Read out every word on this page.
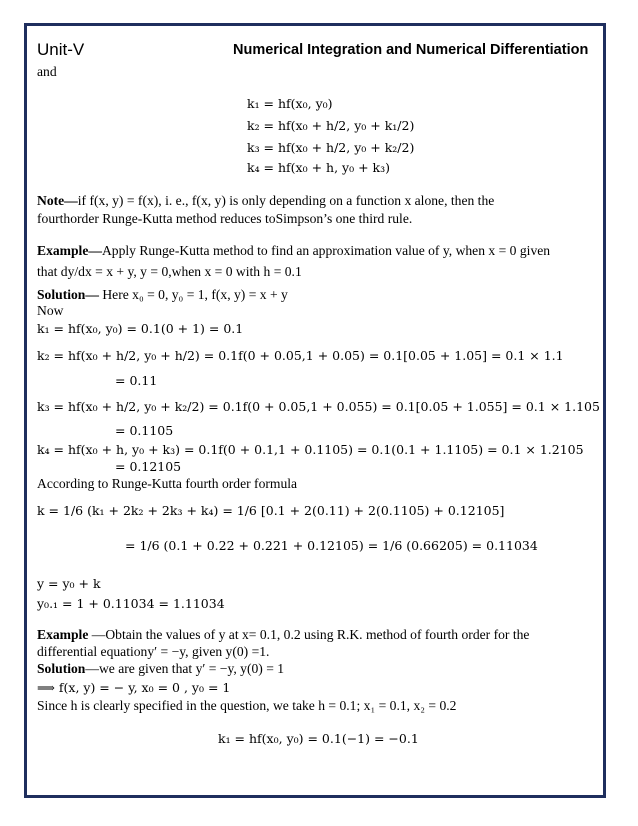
Unit-V	Numerical Integration and Numerical Differentiation
and
k₁ = hf(x₀, y₀)
k₂ = hf(x₀ + h/2, y₀ + k₁/2)
k₃ = hf(x₀ + h/2, y₀ + k₂/2)
k₄ = hf(x₀ + h, y₀ + k₃)
Note—if f(x, y) = f(x), i. e., f(x, y) is only depending on a function x alone, then the
fourthorder Runge-Kutta method reduces toSimpson’s one third rule.
Example—Apply Runge-Kutta method to find an approximation value of y, when x = 0 given
that dy/dx = x + y, y = 0,when x = 0 with h = 0.1
Solution— Here x₀ = 0, y₀ = 1, f(x, y) = x + y
Now
k₁ = hf(x₀, y₀) = 0.1(0 + 1) = 0.1
k₂ = hf(x₀ + h/2, y₀ + h/2) = 0.1f(0 + 0.05,1 + 0.05) = 0.1[0.05 + 1.05] = 0.1 × 1.1
= 0.11
k₃ = hf(x₀ + h/2, y₀ + k₂/2) = 0.1f(0 + 0.05,1 + 0.055) = 0.1[0.05 + 1.055] = 0.1 × 1.105
= 0.1105
k₄ = hf(x₀ + h, y₀ + k₃) = 0.1f(0 + 0.1,1 + 0.1105) = 0.1(0.1 + 1.1105) = 0.1 × 1.2105
= 0.12105
According to Runge-Kutta fourth order formula
k = 1/6 (k₁ + 2k₂ + 2k₃ + k₄) = 1/6 [0.1 + 2(0.11) + 2(0.1105) + 0.12105]
= 1/6 (0.1 + 0.22 + 0.221 + 0.12105) = 1/6 (0.66205) = 0.11034
y = y₀ + k
y₀.₁ = 1 + 0.11034 = 1.11034
Example —Obtain the values of y at x= 0.1, 0.2 using R.K. method of fourth order for the
differential equationy′ = −y, given y(0) =1.
Solution—we are given that y′ = −y, y(0) = 1
⟹ f(x, y) = − y, x₀ = 0 , y₀ = 1
Since h is clearly specified in the question, we take h = 0.1; x₁ = 0.1, x₂ = 0.2
k₁ = hf(x₀, y₀) = 0.1(−1) = −0.1
